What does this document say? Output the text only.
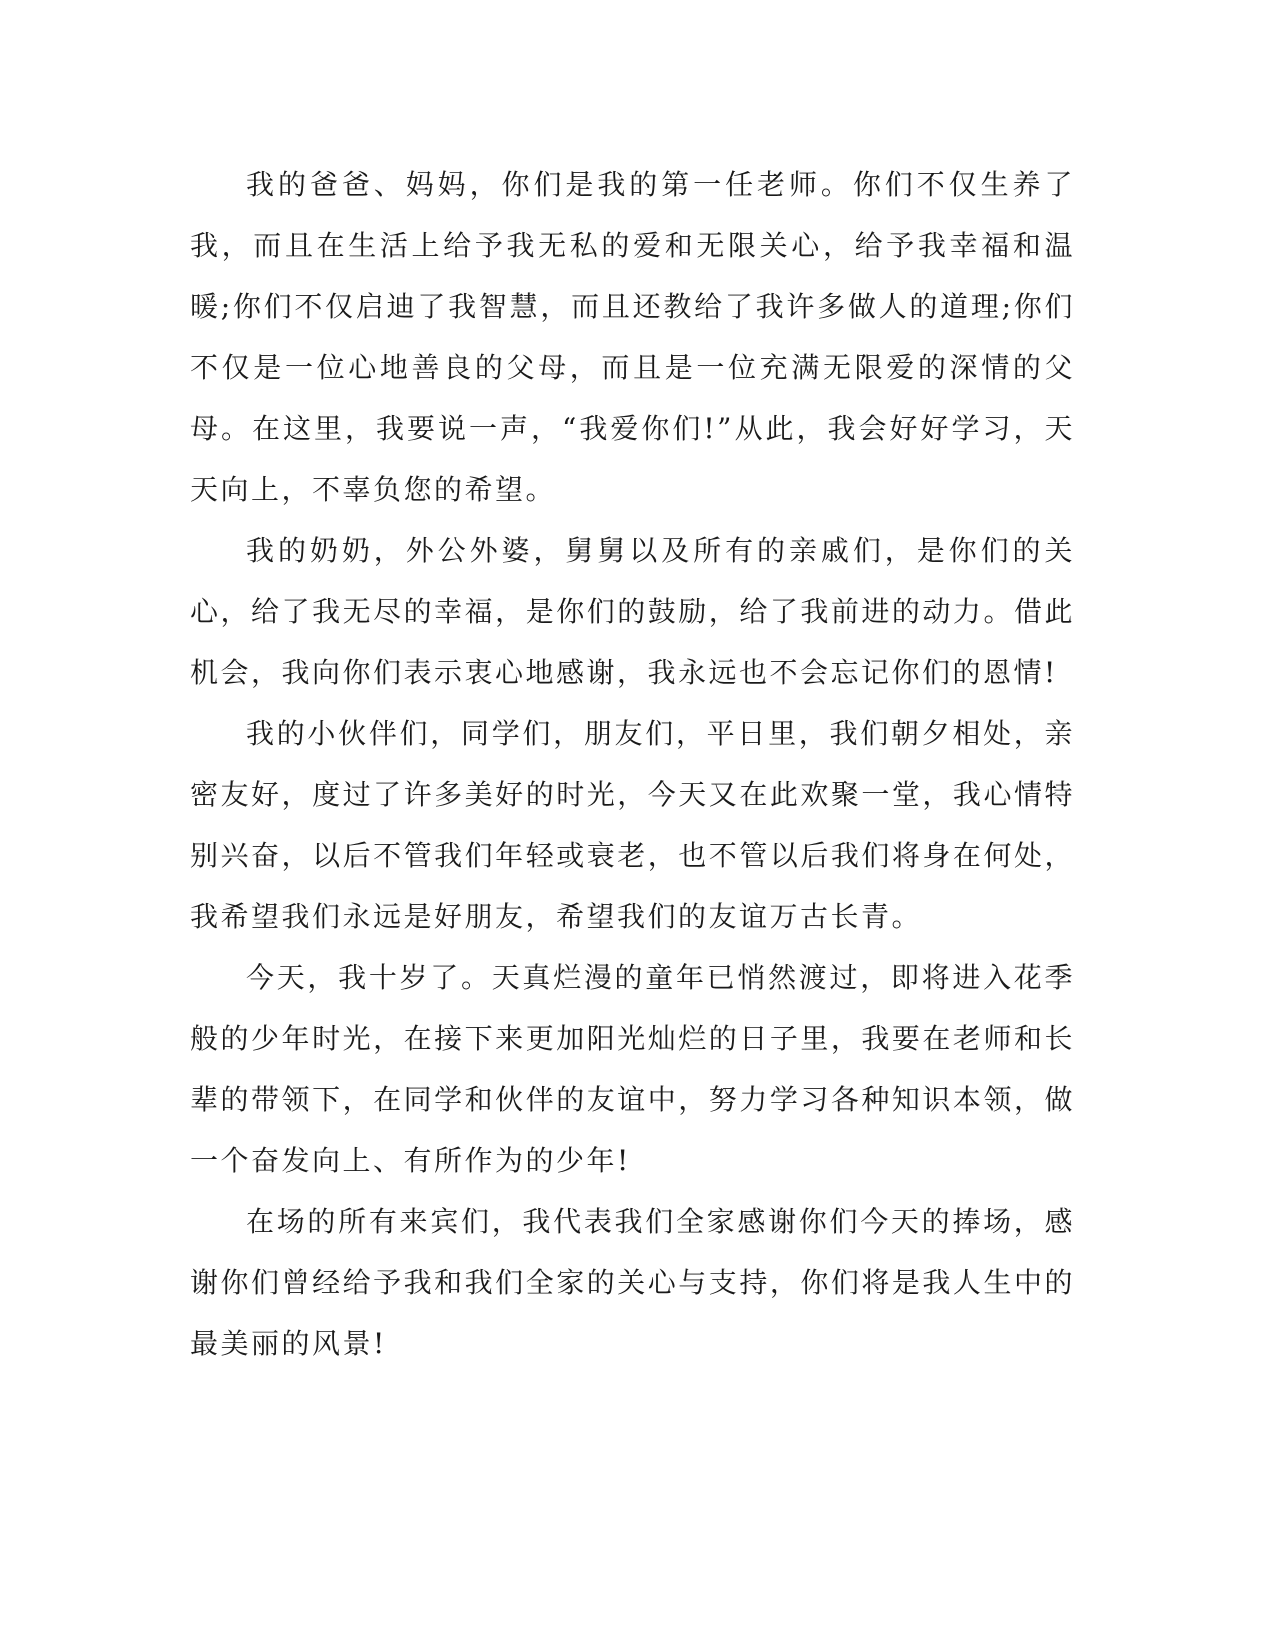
我的爸爸、妈妈，你们是我的第一任老师。你们不仅生养了我，而且在生活上给予我无私的爱和无限关心，给予我幸福和温暖;你们不仅启迪了我智慧，而且还教给了我许多做人的道理;你们不仅是一位心地善良的父母，而且是一位充满无限爱的深情的父母。在这里，我要说一声，“我爱你们!”从此，我会好好学习，天天向上，不辜负您的希望。

我的奶奶，外公外婆，舅舅以及所有的亲戚们，是你们的关心，给了我无尽的幸福，是你们的鼓励，给了我前进的动力。借此机会，我向你们表示衷心地感谢，我永远也不会忘记你们的恩情!

我的小伙伴们，同学们，朋友们，平日里，我们朝夕相处，亲密友好，度过了许多美好的时光，今天又在此欢聚一堂，我心情特别兴奋，以后不管我们年轻或衰老，也不管以后我们将身在何处，我希望我们永远是好朋友，希望我们的友谊万古长青。

今天，我十岁了。天真烂漫的童年已悄然渡过，即将进入花季般的少年时光，在接下来更加阳光灿烂的日子里，我要在老师和长辈的带领下，在同学和伙伴的友谊中，努力学习各种知识本领，做一个奋发向上、有所作为的少年!

在场的所有来宾们，我代表我们全家感谢你们今天的捧场，感谢你们曾经给予我和我们全家的关心与支持，你们将是我人生中的最美丽的风景!
